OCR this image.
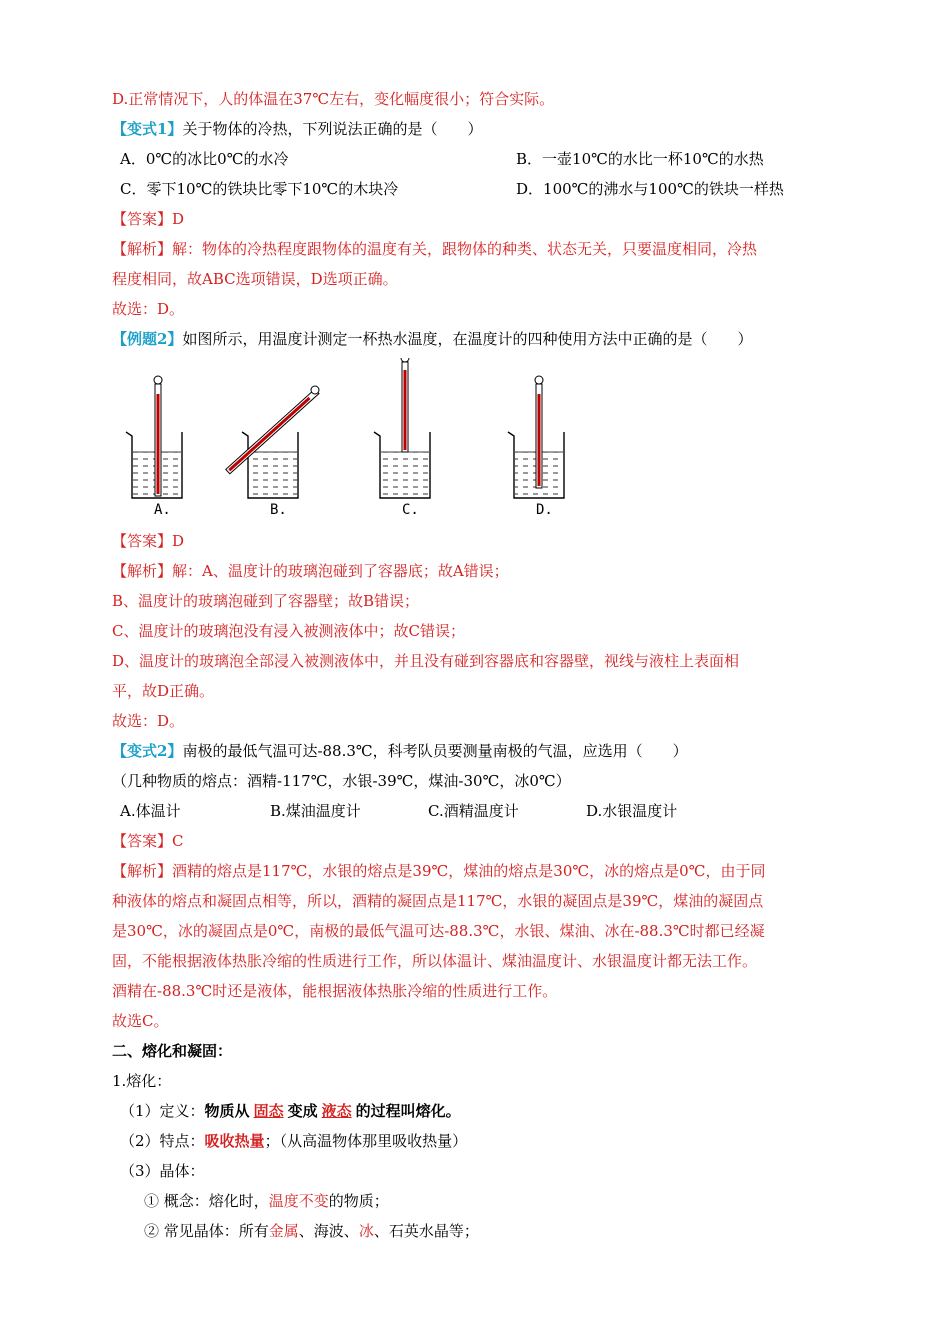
D.正常情况下，人的体温在37℃左右，变化幅度很小；符合实际。
【变式1】关于物体的冷热，下列说法正确的是（　　）
A．0℃的冰比0℃的水冷	B．一壶10℃的水比一杯10℃的水热
C．零下10℃的铁块比零下10℃的木块冷	D．100℃的沸水与100℃的铁块一样热
【答案】D
【解析】解：物体的冷热程度跟物体的温度有关，跟物体的种类、状态无关，只要温度相同，冷热
程度相同，故ABC选项错误，D选项正确。
故选：D。
【例题2】如图所示，用温度计测定一杯热水温度，在温度计的四种使用方法中正确的是（　　）
A.	B.	C.	D.
【答案】D
【解析】解：A、温度计的玻璃泡碰到了容器底；故A错误；
B、温度计的玻璃泡碰到了容器壁；故B错误；
C、温度计的玻璃泡没有浸入被测液体中；故C错误；
D、温度计的玻璃泡全部浸入被测液体中，并且没有碰到容器底和容器壁，视线与液柱上表面相
平，故D正确。
故选：D。
【变式2】南极的最低气温可达-88.3℃，科考队员要测量南极的气温，应选用（　　）
（几种物质的熔点：酒精-117℃，水银-39℃，煤油-30℃，冰0℃）
A.体温计	B.煤油温度计	C.酒精温度计	D.水银温度计
【答案】C
【解析】酒精的熔点是117℃，水银的熔点是39℃，煤油的熔点是30℃，冰的熔点是0℃，由于同
种液体的熔点和凝固点相等，所以，酒精的凝固点是117℃，水银的凝固点是39℃，煤油的凝固点
是30℃，冰的凝固点是0℃，南极的最低气温可达-88.3℃，水银、煤油、冰在-88.3℃时都已经凝
固，不能根据液体热胀冷缩的性质进行工作，所以体温计、煤油温度计、水银温度计都无法工作。
酒精在-88.3℃时还是液体，能根据液体热胀冷缩的性质进行工作。
故选C。
二、熔化和凝固：
1.熔化：
（1）定义：物质从 固态 变成 液态 的过程叫熔化。
（2）特点：吸收热量；（从高温物体那里吸收热量）
（3）晶体：
① 概念：熔化时，温度不变的物质；
② 常见晶体：所有金属、海波、冰、石英水晶等；
